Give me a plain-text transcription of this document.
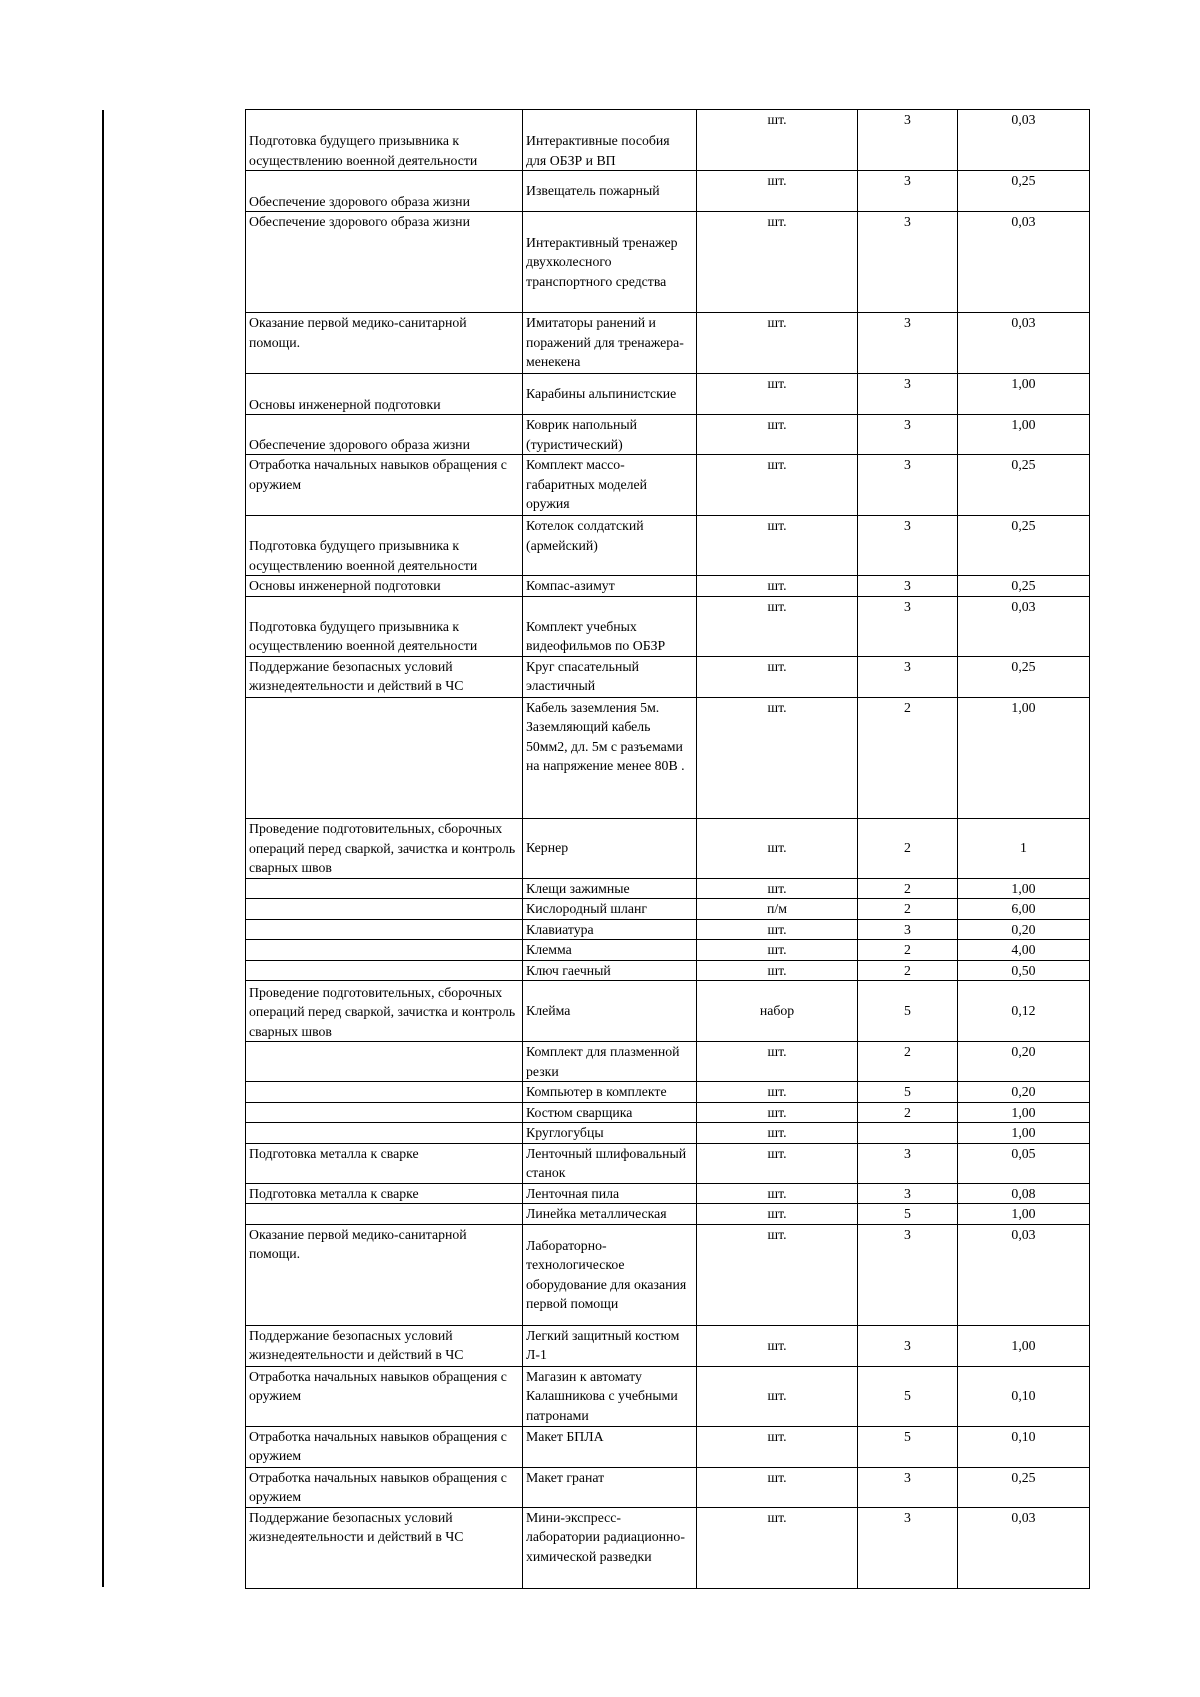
Подготовка будущего призывника к осуществлению военной деятельности	Интерактивные пособия для ОБЗР и ВП	шт.	3	0,03
Обеспечение здорового образа жизни	Извещатель пожарный	шт.	3	0,25
Обеспечение здорового образа жизни	Интерактивный тренажер двухколесного транспортного средства	шт.	3	0,03
Оказание первой медико-санитарной помощи.	Имитаторы ранений и поражений для тренажера-менекена	шт.	3	0,03
Основы инженерной подготовки	Карабины альпинистские	шт.	3	1,00
Обеспечение здорового образа жизни	Коврик напольный (туристический)	шт.	3	1,00
Отработка начальных навыков обращения с оружием	Комплект массо-габаритных моделей оружия	шт.	3	0,25
Подготовка будущего призывника к осуществлению военной деятельности	Котелок солдатский (армейский)	шт.	3	0,25
Основы инженерной подготовки	Компас-азимут	шт.	3	0,25
Подготовка будущего призывника к осуществлению военной деятельности	Комплект учебных видеофильмов по ОБЗР	шт.	3	0,03
Поддержание безопасных условий жизнедеятельности и действий в ЧС	Круг спасательный эластичный	шт.	3	0,25
	Кабель заземления 5м. Заземляющий кабель 50мм2, дл. 5м с разъемами на напряжение менее 80В .	шт.	2	1,00
Проведение подготовительных, сборочных операций перед сваркой, зачистка и контроль сварных швов	Кернер	шт.	2	1
	Клещи зажимные	шт.	2	1,00
	Кислородный шланг	п/м	2	6,00
	Клавиатура	шт.	3	0,20
	Клемма	шт.	2	4,00
	Ключ гаечный	шт.	2	0,50
Проведение подготовительных, сборочных операций перед сваркой, зачистка и контроль сварных швов	Клейма	набор	5	0,12
	Комплект для плазменной резки	шт.	2	0,20
	Компьютер в комплекте	шт.	5	0,20
	Костюм сварщика	шт.	2	1,00
	Круглогубцы	шт.		1,00
Подготовка металла к сварке	Ленточный шлифовальный станок	шт.	3	0,05
Подготовка металла к сварке	Ленточная пила	шт.	3	0,08
	Линейка металлическая	шт.	5	1,00
Оказание первой медико-санитарной помощи.	Лабораторно-технологическое оборудование для оказания первой помощи	шт.	3	0,03
Поддержание безопасных условий жизнедеятельности и действий в ЧС	Легкий защитный костюм Л-1	шт.	3	1,00
Отработка начальных навыков обращения с оружием	Магазин к автомату Калашникова с учебными патронами	шт.	5	0,10
Отработка начальных навыков обращения с оружием	Макет БПЛА	шт.	5	0,10
Отработка начальных навыков обращения с оружием	Макет гранат	шт.	3	0,25
Поддержание безопасных условий жизнедеятельности и действий в ЧС	Мини-экспресс-лаборатории радиационно-химической разведки	шт.	3	0,03
